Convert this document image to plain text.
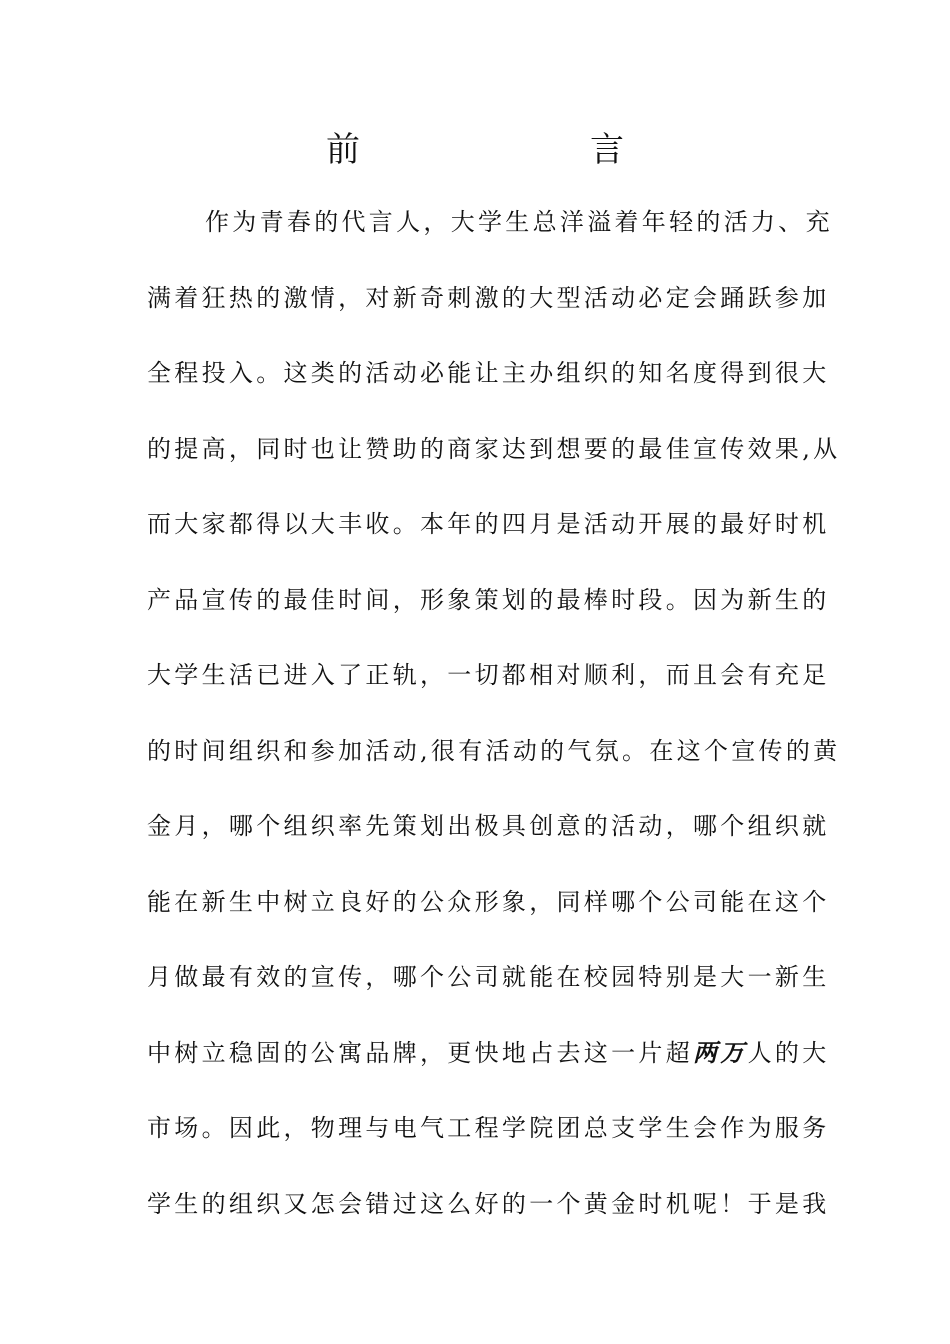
前　　言
作为青春的代言人，大学生总洋溢着年轻的活力、充
满着狂热的激情，对新奇刺激的大型活动必定会踊跃参加
全程投入。这类的活动必能让主办组织的知名度得到很大
的提高，同时也让赞助的商家达到想要的最佳宣传效果,从
而大家都得以大丰收。本年的四月是活动开展的最好时机
产品宣传的最佳时间，形象策划的最棒时段。因为新生的
大学生活已进入了正轨，一切都相对顺利，而且会有充足
的时间组织和参加活动,很有活动的气氛。在这个宣传的黄
金月，哪个组织率先策划出极具创意的活动，哪个组织就
能在新生中树立良好的公众形象，同样哪个公司能在这个
月做最有效的宣传，哪个公司就能在校园特别是大一新生
中树立稳固的公寓品牌，更快地占去这一片超两万人的大
市场。因此，物理与电气工程学院团总支学生会作为服务
学生的组织又怎会错过这么好的一个黄金时机呢！于是我
